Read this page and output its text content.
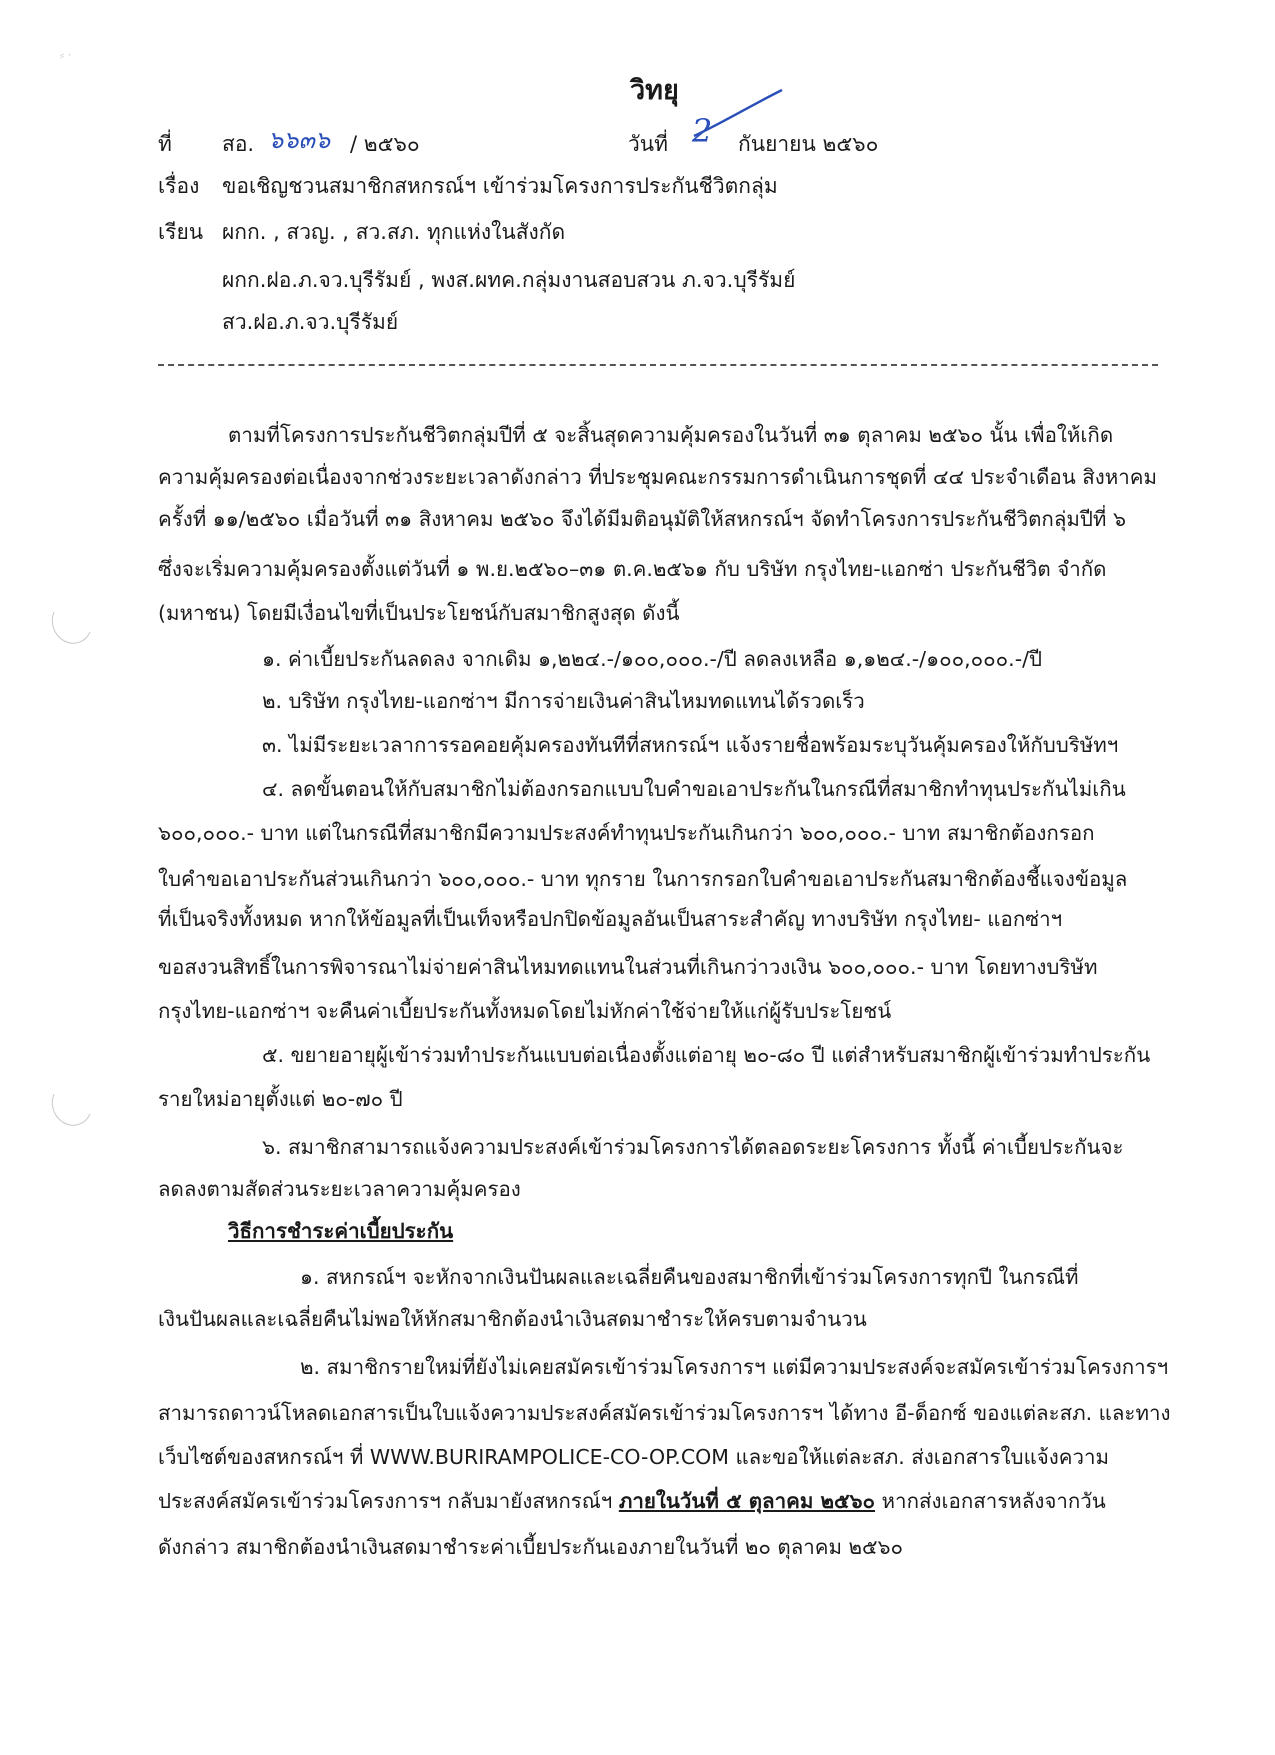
⸗ ·
วิทยุ
ที่ สอ. ๖๖๓๖ / ๒๕๖๐	วันที่ 2 กันยายน ๒๕๖๐
เรื่อง ขอเชิญชวนสมาชิกสหกรณ์ฯ เข้าร่วมโครงการประกันชีวิตกลุ่ม
เรียน ผกก. , สวญ. , สว.สภ. ทุกแห่งในสังกัด
ผกก.ฝอ.ภ.จว.บุรีรัมย์ , พงส.ผทค.กลุ่มงานสอบสวน ภ.จว.บุรีรัมย์
สว.ฝอ.ภ.จว.บุรีรัมย์
ตามที่โครงการประกันชีวิตกลุ่มปีที่ ๕ จะสิ้นสุดความคุ้มครองในวันที่ ๓๑ ตุลาคม ๒๕๖๐ นั้น เพื่อให้เกิด
ความคุ้มครองต่อเนื่องจากช่วงระยะเวลาดังกล่าว ที่ประชุมคณะกรรมการดำเนินการชุดที่ ๔๔ ประจำเดือน สิงหาคม
ครั้งที่ ๑๑/๒๕๖๐ เมื่อวันที่ ๓๑ สิงหาคม ๒๕๖๐ จึงได้มีมติอนุมัติให้สหกรณ์ฯ จัดทำโครงการประกันชีวิตกลุ่มปีที่ ๖
ซึ่งจะเริ่มความคุ้มครองตั้งแต่วันที่ ๑ พ.ย.๒๕๖๐–๓๑ ต.ค.๒๕๖๑ กับ บริษัท กรุงไทย-แอกซ่า ประกันชีวิต จำกัด
(มหาชน) โดยมีเงื่อนไขที่เป็นประโยชน์กับสมาชิกสูงสุด ดังนี้
๑. ค่าเบี้ยประกันลดลง จากเดิม ๑,๒๒๔.-/๑๐๐,๐๐๐.-/ปี ลดลงเหลือ ๑,๑๒๔.-/๑๐๐,๐๐๐.-/ปี
๒. บริษัท กรุงไทย-แอกซ่าฯ มีการจ่ายเงินค่าสินไหมทดแทนได้รวดเร็ว
๓. ไม่มีระยะเวลาการรอคอยคุ้มครองทันทีที่สหกรณ์ฯ แจ้งรายชื่อพร้อมระบุวันคุ้มครองให้กับบริษัทฯ
๔. ลดขั้นตอนให้กับสมาชิกไม่ต้องกรอกแบบใบคำขอเอาประกันในกรณีที่สมาชิกทำทุนประกันไม่เกิน
๖๐๐,๐๐๐.- บาท แต่ในกรณีที่สมาชิกมีความประสงค์ทำทุนประกันเกินกว่า ๖๐๐,๐๐๐.- บาท สมาชิกต้องกรอก
ใบคำขอเอาประกันส่วนเกินกว่า ๖๐๐,๐๐๐.- บาท ทุกราย ในการกรอกใบคำขอเอาประกันสมาชิกต้องชี้แจงข้อมูล
ที่เป็นจริงทั้งหมด หากให้ข้อมูลที่เป็นเท็จหรือปกปิดข้อมูลอันเป็นสาระสำคัญ ทางบริษัท กรุงไทย- แอกซ่าฯ
ขอสงวนสิทธิ์ในการพิจารณาไม่จ่ายค่าสินไหมทดแทนในส่วนที่เกินกว่าวงเงิน ๖๐๐,๐๐๐.- บาท โดยทางบริษัท
กรุงไทย-แอกซ่าฯ จะคืนค่าเบี้ยประกันทั้งหมดโดยไม่หักค่าใช้จ่ายให้แก่ผู้รับประโยชน์
๕. ขยายอายุผู้เข้าร่วมทำประกันแบบต่อเนื่องตั้งแต่อายุ ๒๐-๘๐ ปี แต่สำหรับสมาชิกผู้เข้าร่วมทำประกัน
รายใหม่อายุตั้งแต่ ๒๐-๗๐ ปี
๖. สมาชิกสามารถแจ้งความประสงค์เข้าร่วมโครงการได้ตลอดระยะโครงการ ทั้งนี้ ค่าเบี้ยประกันจะ
ลดลงตามสัดส่วนระยะเวลาความคุ้มครอง
วิธีการชำระค่าเบี้ยประกัน
๑. สหกรณ์ฯ จะหักจากเงินปันผลและเฉลี่ยคืนของสมาชิกที่เข้าร่วมโครงการทุกปี ในกรณีที่
เงินปันผลและเฉลี่ยคืนไม่พอให้หักสมาชิกต้องนำเงินสดมาชำระให้ครบตามจำนวน
๒. สมาชิกรายใหม่ที่ยังไม่เคยสมัครเข้าร่วมโครงการฯ แต่มีความประสงค์จะสมัครเข้าร่วมโครงการฯ
สามารถดาวน์โหลดเอกสารเป็นใบแจ้งความประสงค์สมัครเข้าร่วมโครงการฯ ได้ทาง อี-ด็อกซ์ ของแต่ละสภ. และทาง
เว็บไซต์ของสหกรณ์ฯ ที่ WWW.BURIRAMPOLICE-CO-OP.COM และขอให้แต่ละสภ. ส่งเอกสารใบแจ้งความ
ประสงค์สมัครเข้าร่วมโครงการฯ กลับมายังสหกรณ์ฯ ภายในวันที่ ๕ ตุลาคม ๒๕๖๐ หากส่งเอกสารหลังจากวัน
ดังกล่าว สมาชิกต้องนำเงินสดมาชำระค่าเบี้ยประกันเองภายในวันที่ ๒๐ ตุลาคม ๒๕๖๐
